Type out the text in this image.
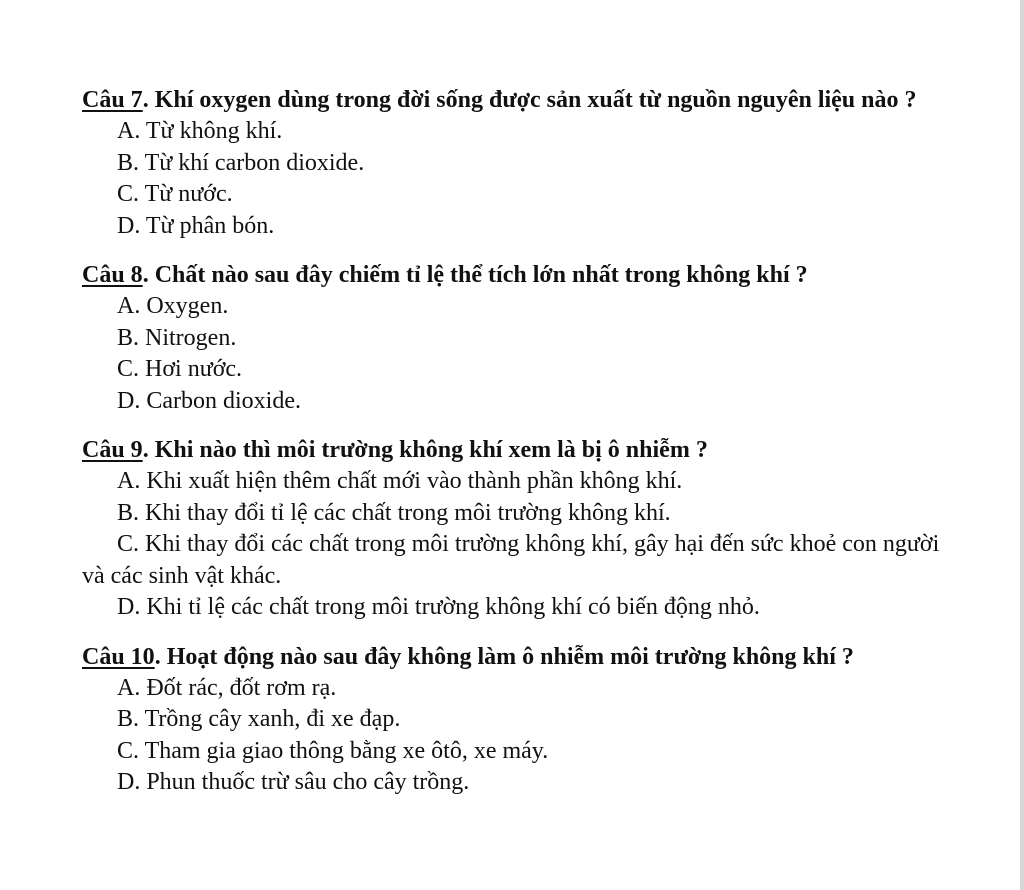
Câu 7. Khí oxygen dùng trong đời sống được sản xuất từ nguồn nguyên liệu nào ?

A. Từ không khí.

B. Từ khí carbon dioxide.

C. Từ nước.

D. Từ phân bón.

Câu 8. Chất nào sau đây chiếm tỉ lệ thể tích lớn nhất trong không khí ?

A. Oxygen.

B. Nitrogen.

C. Hơi nước.

D. Carbon dioxide.

Câu 9. Khi nào thì môi trường không khí xem là bị ô nhiễm ?

A. Khi xuất hiện thêm chất mới vào thành phần không khí.

B. Khi thay đổi tỉ lệ các chất trong môi trường không khí.

C. Khi thay đổi các chất trong môi trường không khí, gây hại đến sức khoẻ con người và các sinh vật khác.

D. Khi tỉ lệ các chất trong môi trường không khí có biến động nhỏ.

Câu 10. Hoạt động nào sau đây không làm ô nhiễm môi trường không khí ?

A. Đốt rác, đốt rơm rạ.

B. Trồng cây xanh, đi xe đạp.

C. Tham gia giao thông bằng xe ôtô, xe máy.

D. Phun thuốc trừ sâu cho cây trồng.
